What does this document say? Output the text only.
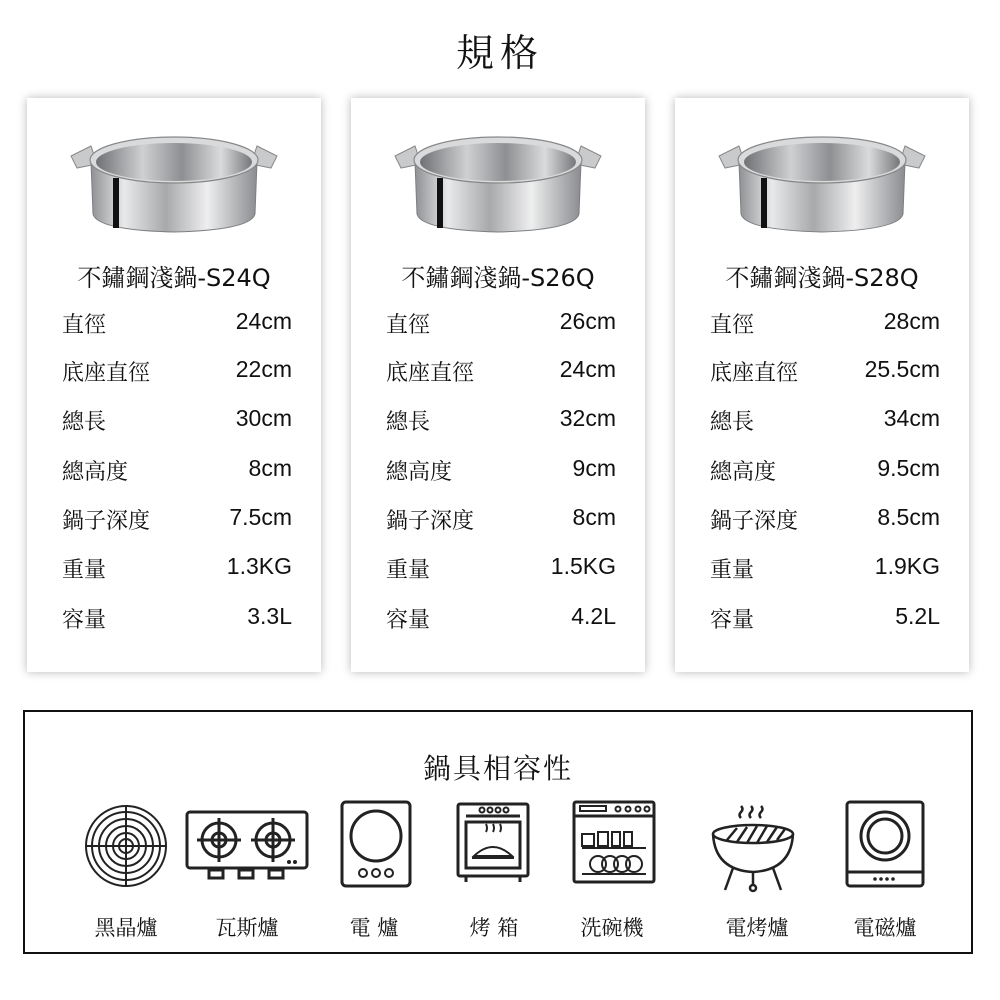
規格
不鏽鋼淺鍋-S24Q
直徑	24cm
底座直徑	22cm
總長	30cm
總高度	8cm
鍋子深度	7.5cm
重量	1.3KG
容量	3.3L
不鏽鋼淺鍋-S26Q
直徑	26cm
底座直徑	24cm
總長	32cm
總高度	9cm
鍋子深度	8cm
重量	1.5KG
容量	4.2L
不鏽鋼淺鍋-S28Q
直徑	28cm
底座直徑	25.5cm
總長	34cm
總高度	9.5cm
鍋子深度	8.5cm
重量	1.9KG
容量	5.2L
鍋具相容性
黑晶爐	瓦斯爐	電 爐	烤 箱	洗碗機	電烤爐	電磁爐
